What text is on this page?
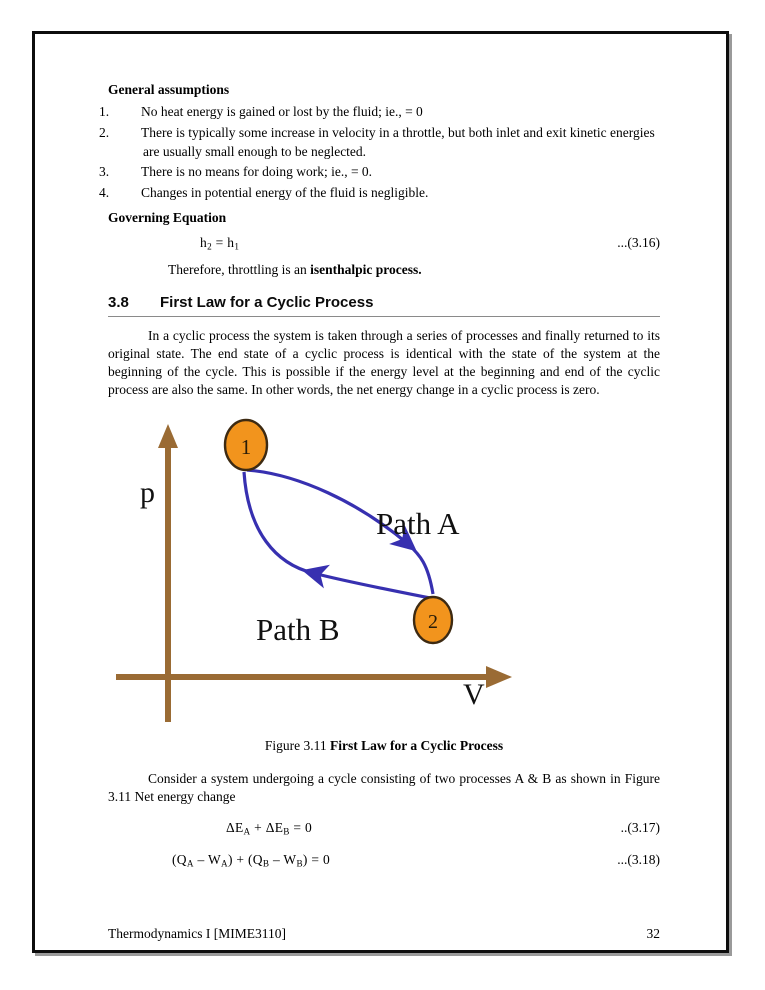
General assumptions
1. No heat energy is gained or lost by the fluid; ie., = 0
2. There is typically some increase in velocity in a throttle, but both inlet and exit kinetic energies are usually small enough to be neglected.
3. There is no means for doing work; ie., = 0.
4. Changes in potential energy of the fluid is negligible.
Governing Equation
$h_2 = h_1$	...(3.16)
Therefore, throttling is an isenthalpic process.
3.8	First Law for a Cyclic Process

In a cyclic process the system is taken through a series of processes and finally returned to its original state. The end state of a cyclic process is identical with the state of the system at the beginning of the cycle. This is possible if the energy level at the beginning and end of the cyclic process are also the same. In other words, the net energy change in a cyclic process is zero.

1
2
p
V
Path A
Path B
Figure 3.11 First Law for a Cyclic Process

Consider a system undergoing a cycle consisting of two processes A & B as shown in Figure 3.11 Net energy change

$\Delta E_A + \Delta E_B = 0$	..(3.17)
$(Q_A - W_A) + (Q_B - W_B) = 0$	...(3.18)
Thermodynamics I [MIME3110]	32
